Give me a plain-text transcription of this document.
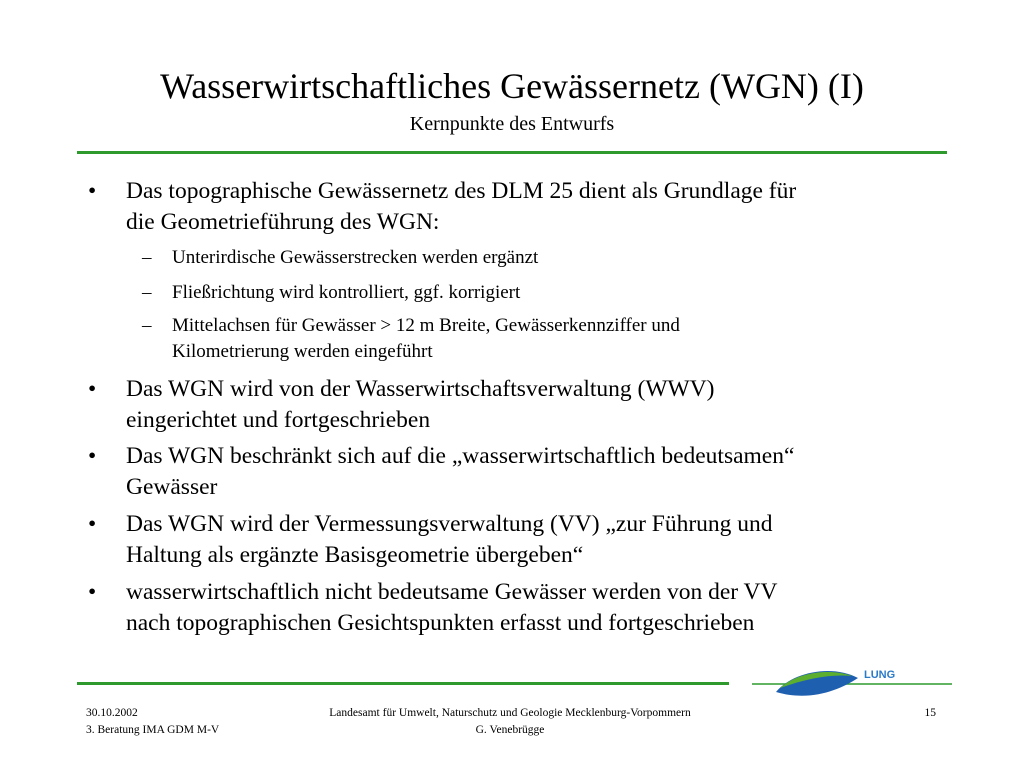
Wasserwirtschaftliches Gewässernetz (WGN) (I)
Kernpunkte des Entwurfs
• Das topographische Gewässernetz des DLM 25 dient als Grundlage für
die Geometrieführung des WGN:
– Unterirdische Gewässerstrecken werden ergänzt
– Fließrichtung wird kontrolliert, ggf. korrigiert
– Mittelachsen für Gewässer > 12 m Breite, Gewässerkennziffer und
Kilometrierung werden eingeführt
• Das WGN wird von der Wasserwirtschaftsverwaltung (WWV)
eingerichtet und fortgeschrieben
• Das WGN beschränkt sich auf die „wasserwirtschaftlich bedeutsamen“
Gewässer
• Das WGN wird der Vermessungsverwaltung (VV) „zur Führung und
Haltung als ergänzte Basisgeometrie übergeben“
• wasserwirtschaftlich nicht bedeutsame Gewässer werden von der VV
nach topographischen Gesichtspunkten erfasst und fortgeschrieben
LUNG
30.10.2002
3. Beratung IMA GDM M-V
Landesamt für Umwelt, Naturschutz und Geologie Mecklenburg-Vorpommern
G. Venebrügge
15
